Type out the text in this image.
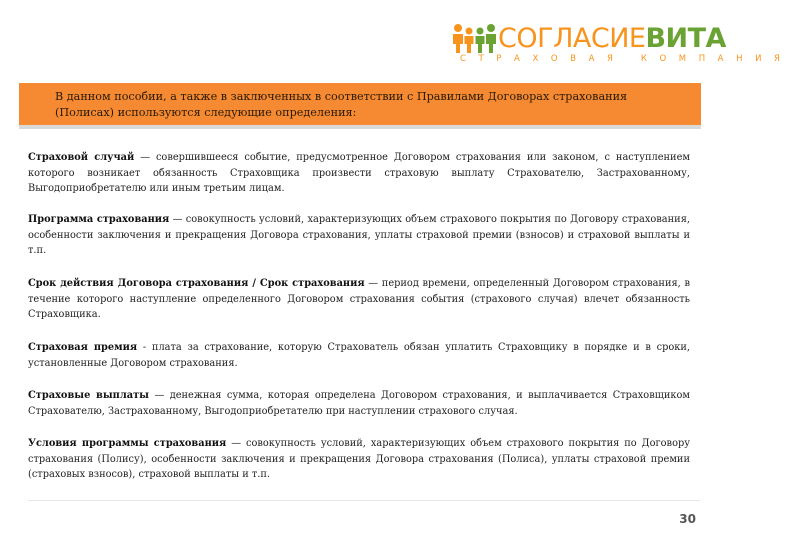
СОГЛАСИЕВИТА
СТРАХОВАЯ КОМПАНИЯ
В данном пособии, а также в заключенных в соответствии с Правилами Договорах страхования (Полисах) используются следующие определения:

Страховой случай — совершившееся событие, предусмотренное Договором страхования или законом, с наступлением которого возникает обязанность Страховщика произвести страховую выплату Страхователю, Застрахованному, Выгодоприобретателю или иным третьим лицам.

Программа страхования — совокупность условий, характеризующих объем страхового покрытия по Договору страхования, особенности заключения и прекращения Договора страхования, уплаты страховой премии (взносов) и страховой выплаты и т.п.

Срок действия Договора страхования / Срок страхования — период времени, определенный Договором страхования, в течение которого наступление определенного Договором страхования события (страхового случая) влечет обязанность Страховщика.

Страховая премия - плата за страхование, которую Страхователь обязан уплатить Страховщику в порядке и в сроки, установленные Договором страхования.

Страховые выплаты — денежная сумма, которая определена Договором страхования, и выплачивается Страховщиком Страхователю, Застрахованному, Выгодоприобретателю при наступлении страхового случая.

Условия программы страхования — совокупность условий, характеризующих объем страхового покрытия по Договору страхования (Полису), особенности заключения и прекращения Договора страхования (Полиса), уплаты страховой премии (страховых взносов), страховой выплаты и т.п.

30
